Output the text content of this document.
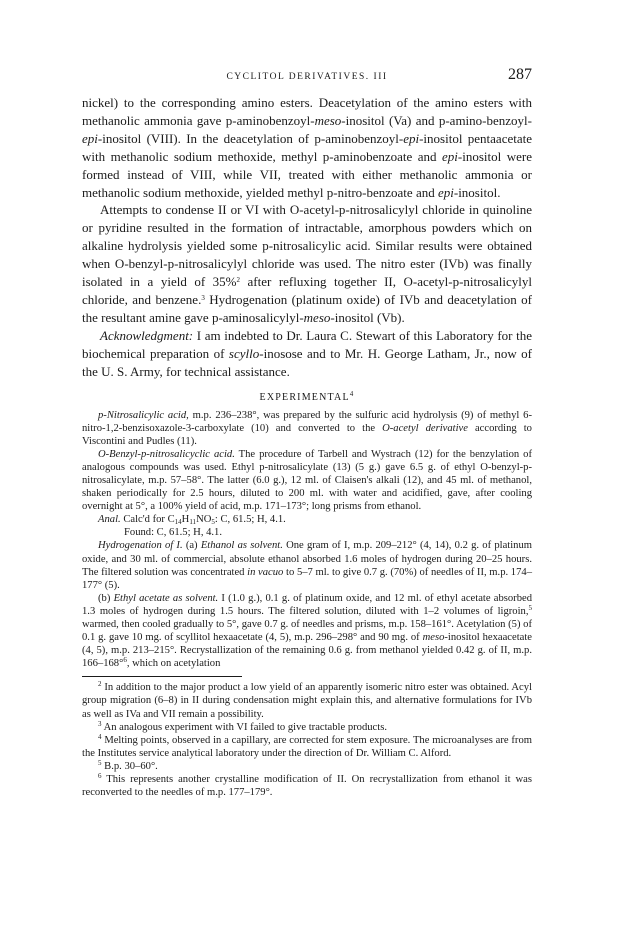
CYCLITOL DERIVATIVES. III	287

nickel) to the corresponding amino esters. Deacetylation of the amino esters with methanolic ammonia gave p-aminobenzoyl-meso-inositol (Va) and p-amino-benzoyl-epi-inositol (VIII). In the deacetylation of p-aminobenzoyl-epi-inositol pentaacetate with methanolic sodium methoxide, methyl p-aminobenzoate and epi-inositol were formed instead of VIII, while VII, treated with either methanolic ammonia or methanolic sodium methoxide, yielded methyl p-nitro-benzoate and epi-inositol.

Attempts to condense II or VI with O-acetyl-p-nitrosalicylyl chloride in quinoline or pyridine resulted in the formation of intractable, amorphous powders which on alkaline hydrolysis yielded some p-nitrosalicylic acid. Similar results were obtained when O-benzyl-p-nitrosalicylyl chloride was used. The nitro ester (IVb) was finally isolated in a yield of 35%$^2$ after refluxing together II, O-acetyl-p-nitrosalicylyl chloride, and benzene.$^3$ Hydrogenation (platinum oxide) of IVb and deacetylation of the resultant amine gave p-aminosalicylyl-meso-inositol (Vb).

Acknowledgment: I am indebted to Dr. Laura C. Stewart of this Laboratory for the biochemical preparation of scyllo-inosose and to Mr. H. George Latham, Jr., now of the U. S. Army, for technical assistance.

EXPERIMENTAL$^4$

p-Nitrosalicylic acid, m.p. 236–238°, was prepared by the sulfuric acid hydrolysis (9) of methyl 6-nitro-1,2-benzisoxazole-3-carboxylate (10) and converted to the O-acetyl derivative according to Viscontini and Pudles (11).

O-Benzyl-p-nitrosalicyclic acid. The procedure of Tarbell and Wystrach (12) for the benzylation of analogous compounds was used. Ethyl p-nitrosalicylate (13) (5 g.) gave 6.5 g. of ethyl O-benzyl-p-nitrosalicylate, m.p. 57–58°. The latter (6.0 g.), 12 ml. of Claisen's alkali (12), and 45 ml. of methanol, shaken periodically for 2.5 hours, diluted to 200 ml. with water and acidified, gave, after cooling overnight at 5°, a 100% yield of acid, m.p. 171–173°; long prisms from ethanol.

Anal. Calc'd for $C_{14}H_{11}NO_5$: C, 61.5; H, 4.1.

Found: C, 61.5; H, 4.1.

Hydrogenation of I. (a) Ethanol as solvent. One gram of I, m.p. 209–212° (4, 14), 0.2 g. of platinum oxide, and 30 ml. of commercial, absolute ethanol absorbed 1.6 moles of hydrogen during 20–25 hours. The filtered solution was concentrated in vacuo to 5–7 ml. to give 0.7 g. (70%) of needles of II, m.p. 174–177° (5).

(b) Ethyl acetate as solvent. I (1.0 g.), 0.1 g. of platinum oxide, and 12 ml. of ethyl acetate absorbed 1.3 moles of hydrogen during 1.5 hours. The filtered solution, diluted with 1–2 volumes of ligroin,$^5$ warmed, then cooled gradually to 5°, gave 0.7 g. of needles and prisms, m.p. 158–161°. Acetylation (5) of 0.1 g. gave 10 mg. of scyllitol hexaacetate (4, 5), m.p. 296–298° and 90 mg. of meso-inositol hexaacetate (4, 5), m.p. 213–215°. Recrystallization of the remaining 0.6 g. from methanol yielded 0.42 g. of II, m.p. 166–168°$^6$, which on acetylation

$^2$ In addition to the major product a low yield of an apparently isomeric nitro ester was obtained. Acyl group migration (6–8) in II during condensation might explain this, and alternative formulations for IVb as well as IVa and VII remain a possibility.

$^3$ An analogous experiment with VI failed to give tractable products.

$^4$ Melting points, observed in a capillary, are corrected for stem exposure. The microanalyses are from the Institutes service analytical laboratory under the direction of Dr. William C. Alford.

$^5$ B.p. 30–60°.

$^6$ This represents another crystalline modification of II. On recrystallization from ethanol it was reconverted to the needles of m.p. 177–179°.
